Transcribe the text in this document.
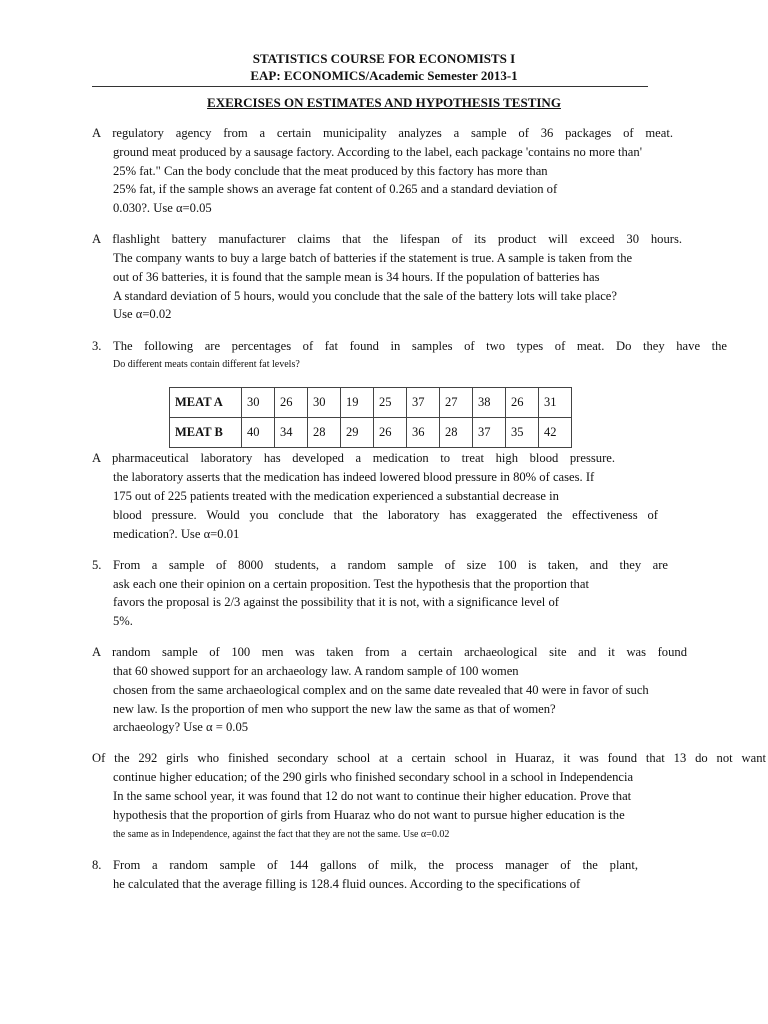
STATISTICS COURSE FOR ECONOMISTS I
EAP: ECONOMICS/Academic Semester 2013-1
EXERCISES ON ESTIMATES AND HYPOTHESIS TESTING
A regulatory agency from a certain municipality analyzes a sample of 36 packages of meat.
ground meat produced by a sausage factory. According to the label, each package 'contains no more than'
25% fat." Can the body conclude that the meat produced by this factory has more than
25% fat, if the sample shows an average fat content of 0.265 and a standard deviation of
0.030?. Use α=0.05
A flashlight battery manufacturer claims that the lifespan of its product will exceed 30 hours.
The company wants to buy a large batch of batteries if the statement is true. A sample is taken from the
out of 36 batteries, it is found that the sample mean is 34 hours. If the population of batteries has
A standard deviation of 5 hours, would you conclude that the sale of the battery lots will take place?
Use α=0.02
3. The following are percentages of fat found in samples of two types of meat. Do they have the
Do different meats contain different fat levels?
MEAT A	30	26	30	19	25	37	27	38	26	31
MEAT B	40	34	28	29	26	36	28	37	35	42
A pharmaceutical laboratory has developed a medication to treat high blood pressure.
the laboratory asserts that the medication has indeed lowered blood pressure in 80% of cases. If
175 out of 225 patients treated with the medication experienced a substantial decrease in
blood pressure. Would you conclude that the laboratory has exaggerated the effectiveness of
medication?. Use α=0.01
5. From a sample of 8000 students, a random sample of size 100 is taken, and they are
ask each one their opinion on a certain proposition. Test the hypothesis that the proportion that
favors the proposal is 2/3 against the possibility that it is not, with a significance level of
5%.
A random sample of 100 men was taken from a certain archaeological site and it was found
that 60 showed support for an archaeology law. A random sample of 100 women
chosen from the same archaeological complex and on the same date revealed that 40 were in favor of such
new law. Is the proportion of men who support the new law the same as that of women?
archaeology? Use α = 0.05
Of the 292 girls who finished secondary school at a certain school in Huaraz, it was found that 13 do not want
continue higher education; of the 290 girls who finished secondary school in a school in Independencia
In the same school year, it was found that 12 do not want to continue their higher education. Prove that
hypothesis that the proportion of girls from Huaraz who do not want to pursue higher education is the
the same as in Independence, against the fact that they are not the same. Use α=0.02
8. From a random sample of 144 gallons of milk, the process manager of the plant,
he calculated that the average filling is 128.4 fluid ounces. According to the specifications of
